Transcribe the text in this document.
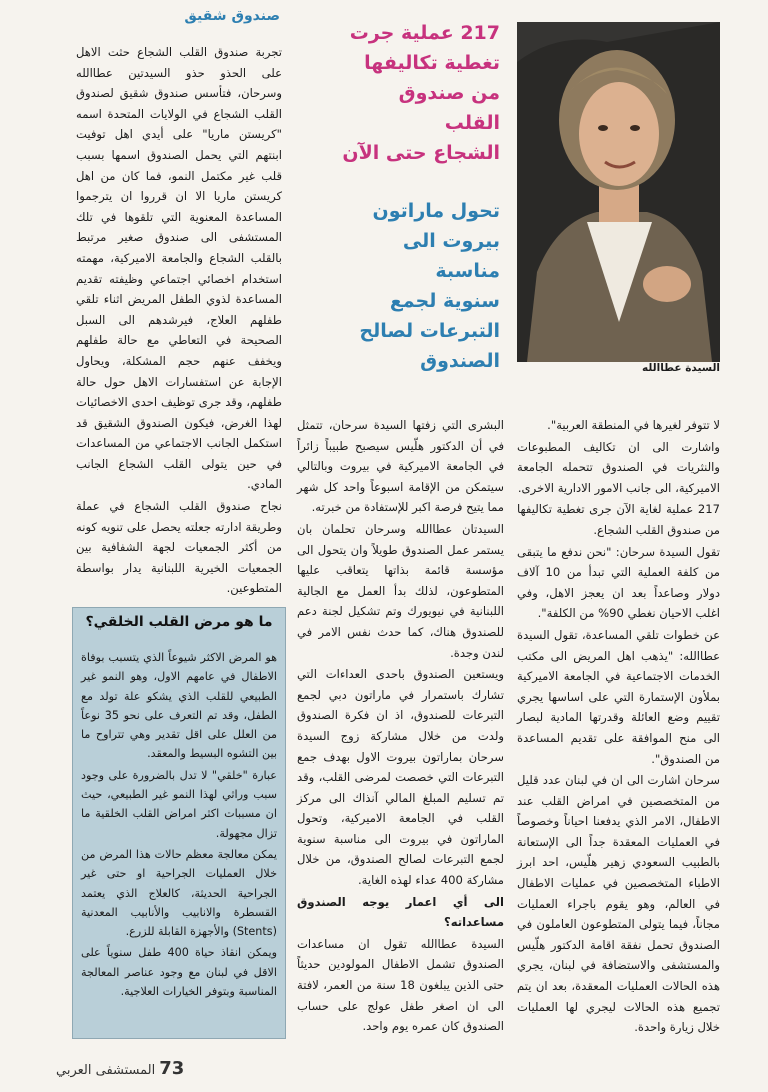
السيدة عطاالله
217 عملية جرت
تغطية تكاليفها
من صندوق القلب
الشجاع حتى الآن
تحول ماراتون
بيروت الى مناسبة
سنوية لجمع
التبرعات لصالح
الصندوق

لا تتوفر لغيرها في المنطقة العربية".

واشارت الى ان تكاليف المطبوعات والنثريات في الصندوق تتحمله الجامعة الاميركية، الى جانب الامور الادارية الاخرى.

217 عملية لغاية الآن جرى تغطية تكاليفها من صندوق القلب الشجاع.

تقول السيدة سرحان: "نحن ندفع ما يتبقى من كلفة العملية التي تبدأ من 10 آلاف دولار وصاعداً بعد ان يعجز الاهل، وفي اغلب الاحيان نغطي 90% من الكلفة".

عن خطوات تلقي المساعدة، تقول السيدة عطاالله: "يذهب اهل المريض الى مكتب الخدمات الاجتماعية في الجامعة الاميركية بملأون الإستمارة التي على اساسها يجري تقييم وضع العائلة وقدرتها المادية لبصار الى منح الموافقة على تقديم المساعدة من الصندوق".

سرحان اشارت الى ان في لبنان عدد قليل من المتخصصين في امراض القلب عند الاطفال، الامر الذي يدفعنا احياناً وخصوصاً في العمليات المعقدة جداً الى الإستعانة بالطبيب السعودي زهير هلّيس، احد ابرز الاطباء المتخصصين في عمليات الاطفال في العالم، وهو يقوم باجراء العمليات مجاناً، فيما يتولى المتطوعون العاملون في الصندوق تحمل نفقة اقامة الدكتور هلّيس والمستشفى والاستضافة في لبنان، يجري هذه الحالات العمليات المعقدة، بعد ان يتم تجميع هذه الحالات ليجري لها العمليات خلال زيارة واحدة.

البشرى التي زفتها السيدة سرحان، تتمثل في أن الدكتور هلّيس سيصبح طبيباً زائراً في الجامعة الاميركية في بيروت وبالتالي سيتمكن من الإقامة اسبوعاً واحد كل شهر مما يتيح فرصة اكبر للإستفادة من خبرته.

السيدتان عطاالله وسرحان تحلمان بان يستمر عمل الصندوق طويلاً وان يتحول الى مؤسسة قائمة بذاتها يتعاقب عليها المتطوعون، لذلك بدأ العمل مع الجالية اللبنانية في نيويورك وتم تشكيل لجنة دعم للصندوق هناك، كما حدث نفس الامر في لندن وجدة.

ويستعين الصندوق باحدى العداءات التي تشارك باستمرار في ماراتون دبي لجمع التبرعات للصندوق، اذ ان فكرة الصندوق ولدت من خلال مشاركة زوج السيدة سرحان بماراتون بيروت الاول بهدف جمع التبرعات التي خصصت لمرضى القلب، وقد تم تسليم المبلغ المالي آنذاك الى مركز القلب في الجامعة الاميركية، وتحول الماراتون في بيروت الى مناسبة سنوية لجمع التبرعات لصالح الصندوق، من خلال مشاركة 400 عداء لهذه الغاية.

الى أي اعمار يوجه الصندوق مساعداته؟

السيدة عطاالله تقول ان مساعدات الصندوق تشمل الاطفال المولودين حديثاً حتى الذين يبلغون 18 سنة من العمر، لافتة الى ان اصغر طفل عولج على حساب الصندوق كان عمره يوم واحد.

صندوق شقيق

تجربة صندوق القلب الشجاع حثت الاهل على الحذو حذو السيدتين عطاالله وسرحان، فتأسس صندوق شقيق لصندوق القلب الشجاع في الولايات المتحدة اسمه "كريستن ماريا" على أيدي اهل توفيت ابنتهم التي يحمل الصندوق اسمها بسبب قلب غير مكتمل النمو، فما كان من اهل كريستن ماريا الا ان قرروا ان يترجموا المساعدة المعنوية التي تلقوها في تلك المستشفى الى صندوق صغير مرتبط بالقلب الشجاع والجامعة الاميركية، مهمته استخدام اخصائي اجتماعي وظيفته تقديم المساعدة لذوي الطفل المريض اثناء تلقي طفلهم العلاج، فيرشدهم الى السبل الصحيحة في التعاطي مع حالة طفلهم ويخفف عنهم حجم المشكلة، ويحاول الإجابة عن استفسارات الاهل حول حالة طفلهم، وقد جرى توظيف احدى الاخصائيات لهذا الغرض، فيكون الصندوق الشقيق قد استكمل الجانب الاجتماعي من المساعدات في حين يتولى القلب الشجاع الجانب المادي.

نجاح صندوق القلب الشجاع في عملة وطريقة ادارته جعلته يحصل على تنويه كونه من أكثر الجمعيات لجهة الشفافية بين الجمعيات الخيرية اللبنانية يدار بواسطة المتطوعين.

ما هو مرض القلب الخلقي؟

هو المرض الاكثر شيوعاً الذي يتسبب بوفاة الاطفال في عامهم الاول، وهو النمو غير الطبيعي للقلب الذي يشكو علة تولد مع الطفل، وقد تم التعرف على نحو 35 نوعاً من العلل على اقل تقدير وهي تتراوح ما بين التشوه البسيط والمعقد.

عبارة "خلقي" لا تدل بالضرورة على وجود سبب وراثي لهذا النمو غير الطبيعي، حيث ان مسببات اكثر امراض القلب الخلقية ما تزال مجهولة.

يمكن معالجة معظم حالات هذا المرض من خلال العمليات الجراحية او حتى غير الجراحية الحديثة، كالعلاج الذي يعتمد القسطرة والانابيب والأنابيب المعدنية (Stents) والأجهزة القابلة للزرع.

ويمكن انقاذ حياة 400 طفل سنوياً على الاقل في لبنان مع وجود عناصر المعالجة المناسبة وبتوفر الخيارات العلاجية.

73
المستشفى العربي
